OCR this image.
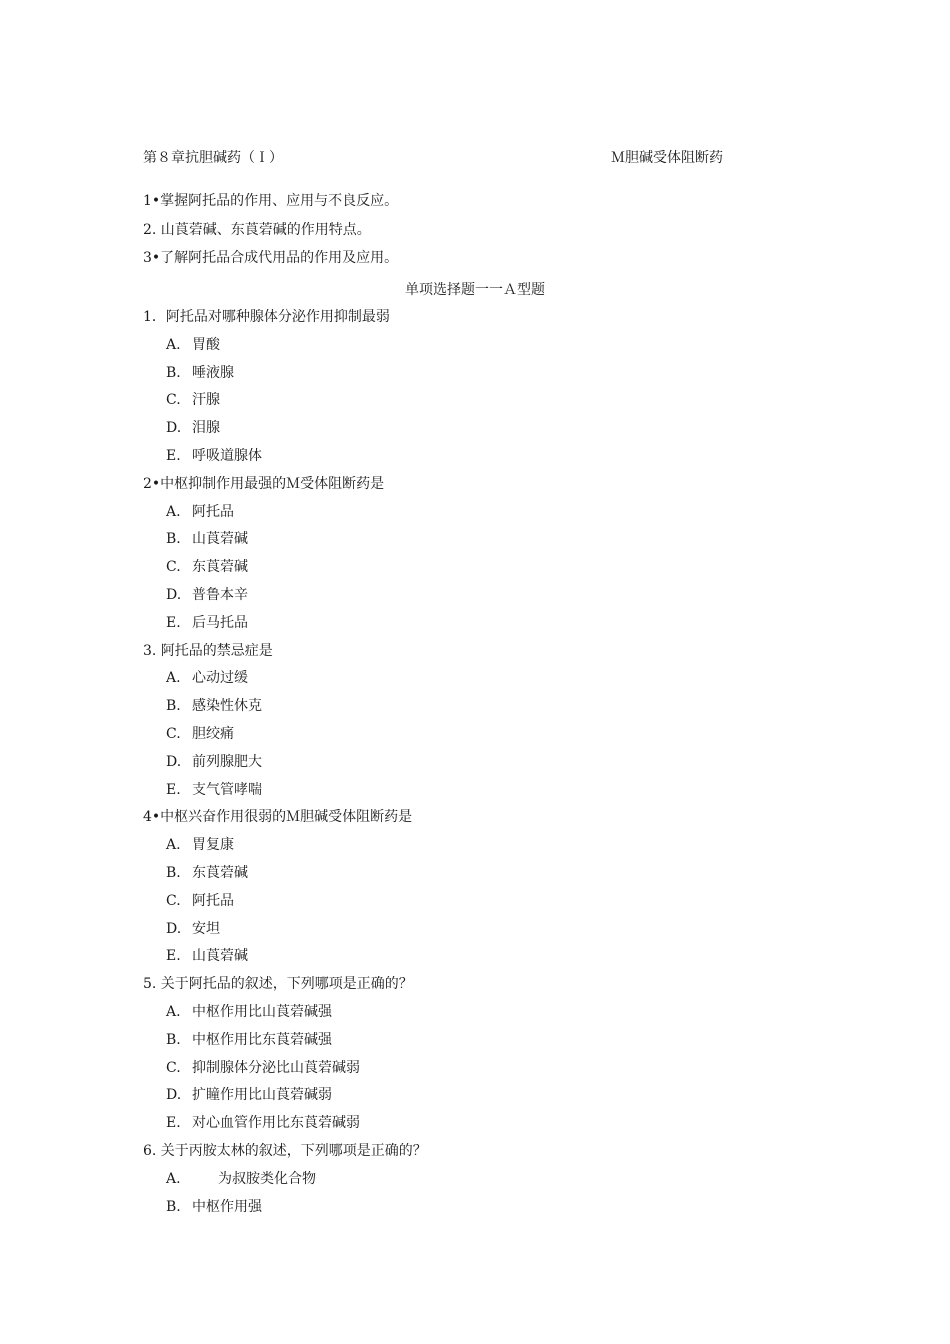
第８章抗胆碱药（Ｉ）	Ｍ胆碱受体阻断药
1•掌握阿托品的作用、应用与不良反应。
2. 山莨菪碱、东莨菪碱的作用特点。
3•了解阿托品合成代用品的作用及应用。
单项选择题一一Ａ型题
1．阿托品对哪种腺体分泌作用抑制最弱
A. 胃酸
B. 唾液腺
C. 汗腺
D. 泪腺
E. 呼吸道腺体
2•中枢抑制作用最强的Ｍ受体阻断药是
A. 阿托品
B. 山莨菪碱
C. 东莨菪碱
D. 普鲁本辛
E. 后马托品
3. 阿托品的禁忌症是
A. 心动过缓
B. 感染性休克
C. 胆绞痛
D. 前列腺肥大
E. 支气管哮喘
4•中枢兴奋作用很弱的Ｍ胆碱受体阻断药是
A. 胃复康
B. 东莨菪碱
C. 阿托品
D. 安坦
E. 山莨菪碱
5. 关于阿托品的叙述，下列哪项是正确的？
A. 中枢作用比山莨菪碱强
B. 中枢作用比东莨菪碱强
C. 抑制腺体分泌比山莨菪碱弱
D. 扩瞳作用比山莨菪碱弱
E. 对心血管作用比东莨菪碱弱
6. 关于丙胺太林的叙述，下列哪项是正确的？
A.	为叔胺类化合物
B. 中枢作用强
